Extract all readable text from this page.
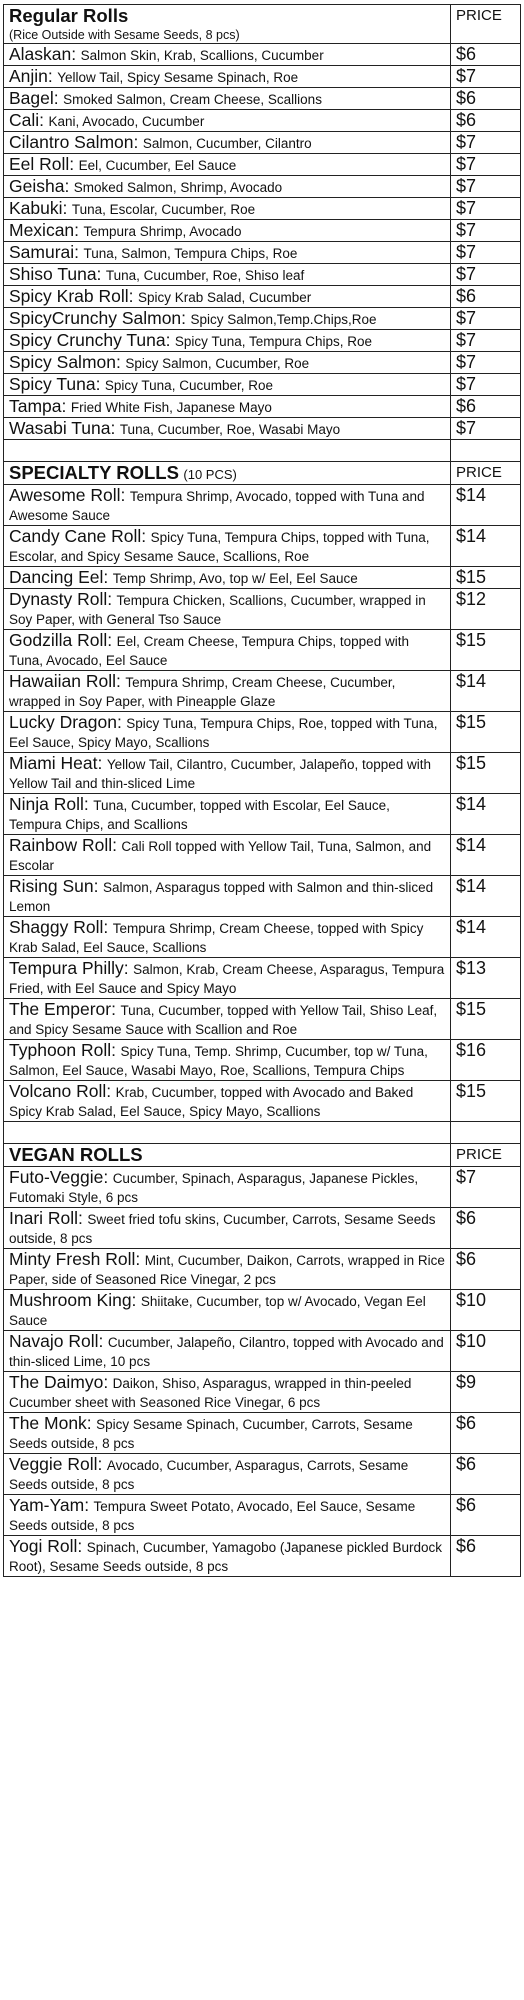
Regular Rolls
(Rice Outside with Sesame Seeds, 8 pcs)	PRICE
Alaskan: Salmon Skin, Krab, Scallions, Cucumber	$6
Anjin: Yellow Tail, Spicy Sesame Spinach, Roe	$7
Bagel: Smoked Salmon, Cream Cheese, Scallions	$6
Cali: Kani, Avocado, Cucumber	$6
Cilantro Salmon: Salmon, Cucumber, Cilantro	$7
Eel Roll: Eel, Cucumber, Eel Sauce	$7
Geisha: Smoked Salmon, Shrimp, Avocado	$7
Kabuki: Tuna, Escolar, Cucumber, Roe	$7
Mexican: Tempura Shrimp, Avocado	$7
Samurai: Tuna, Salmon, Tempura Chips, Roe	$7
Shiso Tuna: Tuna, Cucumber, Roe, Shiso leaf	$7
Spicy Krab Roll: Spicy Krab Salad, Cucumber	$6
SpicyCrunchy Salmon: Spicy Salmon,Temp.Chips,Roe	$7
Spicy Crunchy Tuna: Spicy Tuna, Tempura Chips, Roe	$7
Spicy Salmon: Spicy Salmon, Cucumber, Roe	$7
Spicy Tuna: Spicy Tuna, Cucumber, Roe	$7
Tampa: Fried White Fish, Japanese Mayo	$6
Wasabi Tuna: Tuna, Cucumber, Roe, Wasabi Mayo	$7

SPECIALTY ROLLS (10 PCS)	PRICE
Awesome Roll: Tempura Shrimp, Avocado, topped with Tuna and Awesome Sauce	$14
Candy Cane Roll: Spicy Tuna, Tempura Chips, topped with Tuna, Escolar, and Spicy Sesame Sauce, Scallions, Roe	$14
Dancing Eel: Temp Shrimp, Avo, top w/ Eel, Eel Sauce	$15
Dynasty Roll: Tempura Chicken, Scallions, Cucumber, wrapped in Soy Paper, with General Tso Sauce	$12
Godzilla Roll: Eel, Cream Cheese, Tempura Chips, topped with Tuna, Avocado, Eel Sauce	$15
Hawaiian Roll: Tempura Shrimp, Cream Cheese, Cucumber, wrapped in Soy Paper, with Pineapple Glaze	$14
Lucky Dragon: Spicy Tuna, Tempura Chips, Roe, topped with Tuna, Eel Sauce, Spicy Mayo, Scallions	$15
Miami Heat: Yellow Tail, Cilantro, Cucumber, Jalapeño, topped with Yellow Tail and thin-sliced Lime	$15
Ninja Roll: Tuna, Cucumber, topped with Escolar, Eel Sauce, Tempura Chips, and Scallions	$14
Rainbow Roll: Cali Roll topped with Yellow Tail, Tuna, Salmon, and Escolar	$14
Rising Sun: Salmon, Asparagus topped with Salmon and thin-sliced Lemon	$14
Shaggy Roll: Tempura Shrimp, Cream Cheese, topped with Spicy Krab Salad, Eel Sauce, Scallions	$14
Tempura Philly: Salmon, Krab, Cream Cheese, Asparagus, Tempura Fried, with Eel Sauce and Spicy Mayo	$13
The Emperor: Tuna, Cucumber, topped with Yellow Tail, Shiso Leaf, and Spicy Sesame Sauce with Scallion and Roe	$15
Typhoon Roll: Spicy Tuna, Temp. Shrimp, Cucumber, top w/ Tuna, Salmon, Eel Sauce, Wasabi Mayo, Roe, Scallions, Tempura Chips	$16
Volcano Roll: Krab, Cucumber, topped with Avocado and Baked Spicy Krab Salad, Eel Sauce, Spicy Mayo, Scallions	$15

VEGAN ROLLS	PRICE
Futo-Veggie: Cucumber, Spinach, Asparagus, Japanese Pickles, Futomaki Style, 6 pcs	$7
Inari Roll: Sweet fried tofu skins, Cucumber, Carrots, Sesame Seeds outside, 8 pcs	$6
Minty Fresh Roll: Mint, Cucumber, Daikon, Carrots, wrapped in Rice Paper, side of Seasoned Rice Vinegar, 2 pcs	$6
Mushroom King: Shiitake, Cucumber, top w/ Avocado, Vegan Eel Sauce	$10
Navajo Roll: Cucumber, Jalapeño, Cilantro, topped with Avocado and thin-sliced Lime, 10 pcs	$10
The Daimyo: Daikon, Shiso, Asparagus, wrapped in thin-peeled Cucumber sheet with Seasoned Rice Vinegar, 6 pcs	$9
The Monk: Spicy Sesame Spinach, Cucumber, Carrots, Sesame Seeds outside, 8 pcs	$6
Veggie Roll: Avocado, Cucumber, Asparagus, Carrots, Sesame Seeds outside, 8 pcs	$6
Yam-Yam: Tempura Sweet Potato, Avocado, Eel Sauce, Sesame Seeds outside, 8 pcs	$6
Yogi Roll: Spinach, Cucumber, Yamagobo (Japanese pickled Burdock Root), Sesame Seeds outside, 8 pcs	$6
